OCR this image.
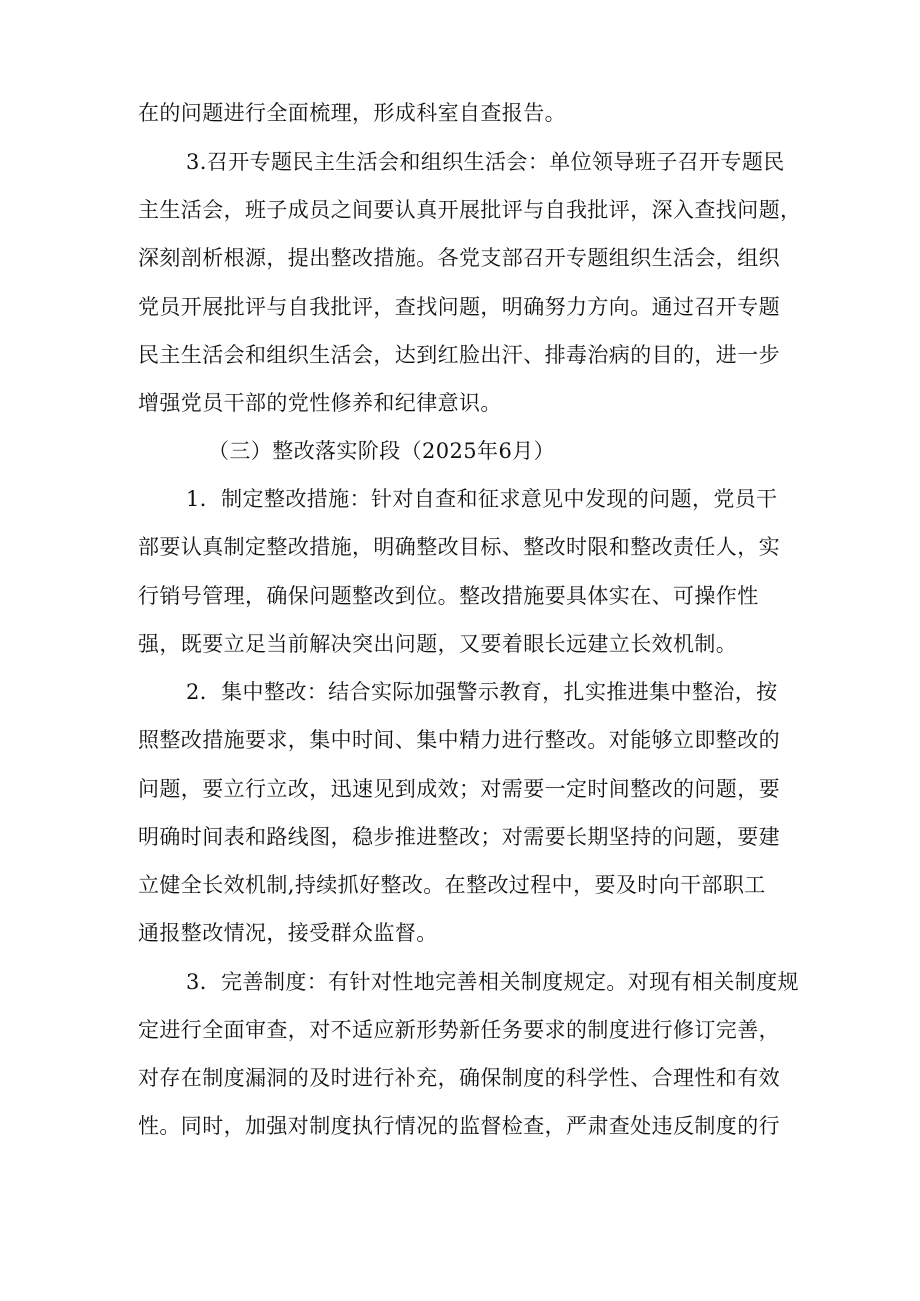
在的问题进行全面梳理，形成科室自查报告。
3.召开专题民主生活会和组织生活会：单位领导班子召开专题民
主生活会，班子成员之间要认真开展批评与自我批评，深入查找问题，
深刻剖析根源，提出整改措施。各党支部召开专题组织生活会，组织
党员开展批评与自我批评，查找问题，明确努力方向。通过召开专题
民主生活会和组织生活会，达到红脸出汗、排毒治病的目的，进一步
增强党员干部的党性修养和纪律意识。
（三）整改落实阶段（2025年6月）
1．制定整改措施：针对自查和征求意见中发现的问题，党员干
部要认真制定整改措施，明确整改目标、整改时限和整改责任人，实
行销号管理，确保问题整改到位。整改措施要具体实在、可操作性
强，既要立足当前解决突出问题，又要着眼长远建立长效机制。
2．集中整改：结合实际加强警示教育，扎实推进集中整治，按
照整改措施要求，集中时间、集中精力进行整改。对能够立即整改的
问题，要立行立改，迅速见到成效；对需要一定时间整改的问题，要
明确时间表和路线图，稳步推进整改；对需要长期坚持的问题，要建
立健全长效机制,持续抓好整改。在整改过程中，要及时向干部职工
通报整改情况，接受群众监督。
3．完善制度：有针对性地完善相关制度规定。对现有相关制度规
定进行全面审查，对不适应新形势新任务要求的制度进行修订完善，
对存在制度漏洞的及时进行补充，确保制度的科学性、合理性和有效
性。同时，加强对制度执行情况的监督检查，严肃查处违反制度的行
